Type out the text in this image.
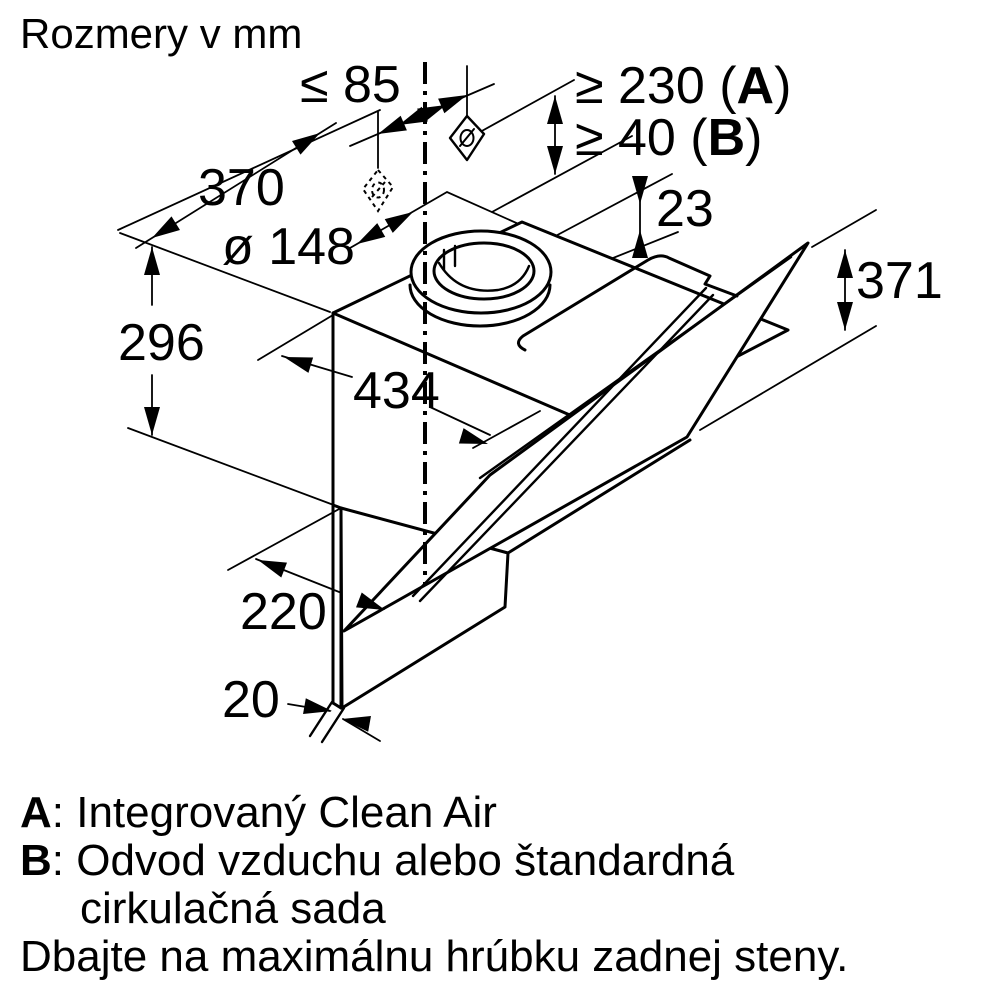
Rozmery v mm
≤ 85	≥ 230 (A)
≥ 40 (B)
370
ø 148
23
371
296
434
220
20
A: Integrovaný Clean Air
B: Odvod vzduchu alebo štandardná
cirkulačná sada
Dbajte na maximálnu hrúbku zadnej steny.
